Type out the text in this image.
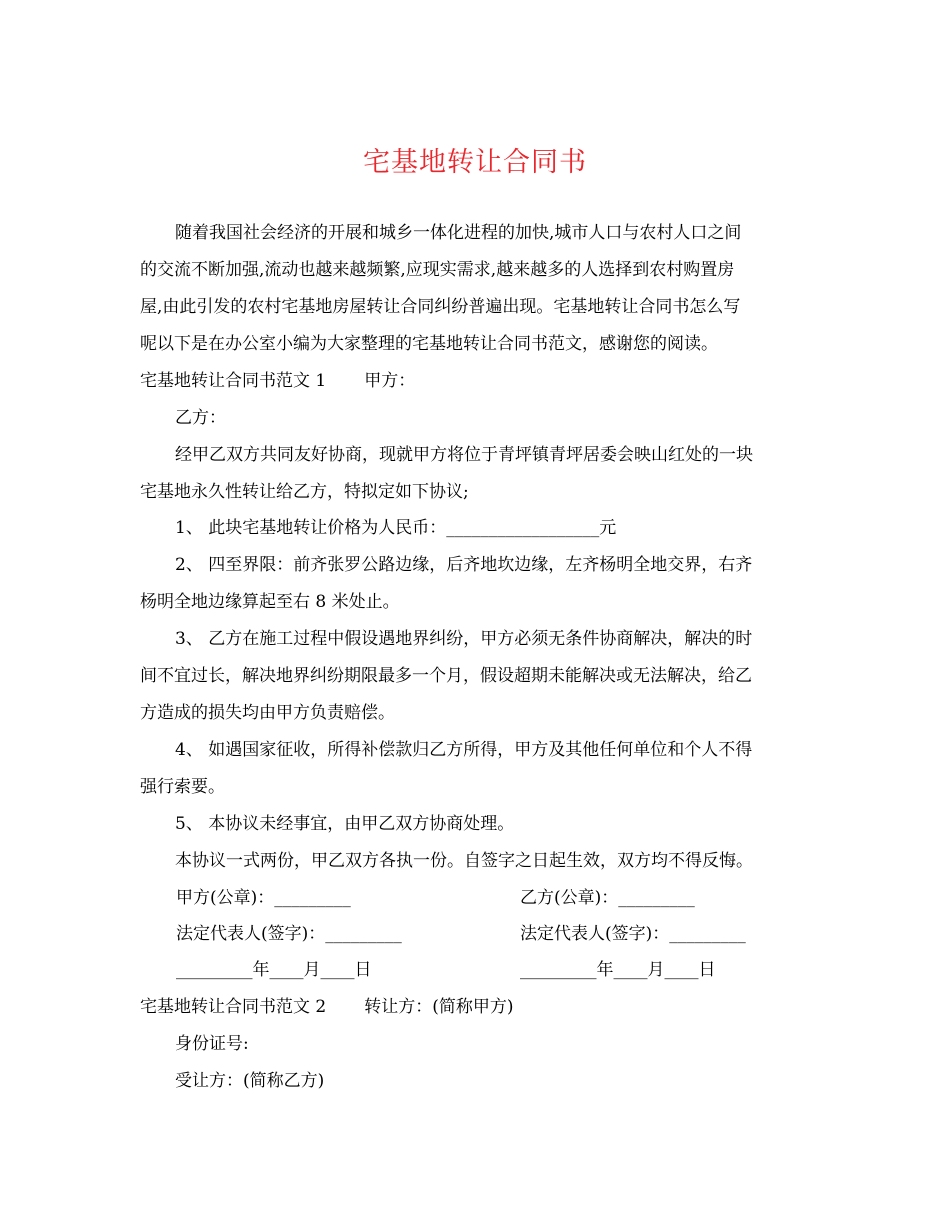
宅基地转让合同书
随着我国社会经济的开展和城乡一体化进程的加快,城市人口与农村人口之间
的交流不断加强,流动也越来越频繁,应现实需求,越来越多的人选择到农村购置房
屋,由此引发的农村宅基地房屋转让合同纠纷普遍出现。宅基地转让合同书怎么写
呢以下是在办公室小编为大家整理的宅基地转让合同书范文，感谢您的阅读。
宅基地转让合同书范文 1 甲方：
乙方：
经甲乙双方共同友好协商，现就甲方将位于青坪镇青坪居委会映山红处的一块
宅基地永久性转让给乙方，特拟定如下协议;
1、 此块宅基地转让价格为人民币：__________________元
2、 四至界限：前齐张罗公路边缘，后齐地坎边缘，左齐杨明全地交界，右齐
杨明全地边缘算起至右 8 米处止。
3、 乙方在施工过程中假设遇地界纠纷，甲方必须无条件协商解决，解决的时
间不宜过长，解决地界纠纷期限最多一个月，假设超期未能解决或无法解决，给乙
方造成的损失均由甲方负责赔偿。
4、 如遇国家征收，所得补偿款归乙方所得，甲方及其他任何单位和个人不得
强行索要。
5、 本协议未经事宜，由甲乙双方协商处理。
本协议一式两份，甲乙双方各执一份。自签字之日起生效，双方均不得反悔。
甲方(公章)：_________	乙方(公章)：_________
法定代表人(签字)：_________	法定代表人(签字)：_________
_________年____月____日	_________年____月____日
宅基地转让合同书范文 2 转让方：(简称甲方)
身份证号:
受让方：(简称乙方)
